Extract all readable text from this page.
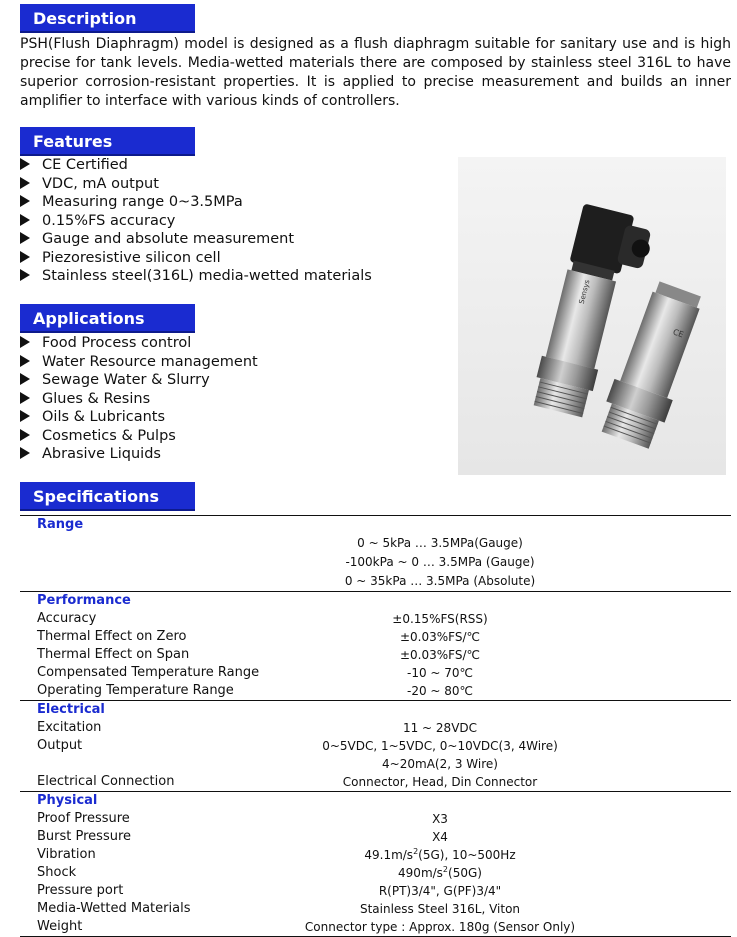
Description
PSH(Flush Diaphragm) model is designed as a flush diaphragm suitable for sanitary use and is high precise for tank levels. Media-wetted materials there are composed by stainless steel 316L to have superior corrosion-resistant properties. It is applied to precise measurement and builds an inner amplifier to interface with various kinds of controllers.
Features
CE Certified
VDC, mA output
Measuring range 0~3.5MPa
0.15%FS accuracy
Gauge and absolute measurement
Piezoresistive silicon cell
Stainless steel(316L) media-wetted materials
Applications
Food Process control
Water Resource management
Sewage Water & Slurry
Glues & Resins
Oils & Lubricants
Cosmetics & Pulps
Abrasive Liquids
Sensys
CE
Specifications
Range
0 ~ 5kPa … 3.5MPa(Gauge)
-100kPa ~ 0 … 3.5MPa (Gauge)
0 ~ 35kPa … 3.5MPa (Absolute)
Performance
Accuracy	±0.15%FS(RSS)
Thermal Effect on Zero	±0.03%FS/℃
Thermal Effect on Span	±0.03%FS/℃
Compensated Temperature Range	-10 ~ 70℃
Operating Temperature Range	-20 ~ 80℃
Electrical
Excitation	11 ~ 28VDC
Output	0~5VDC, 1~5VDC, 0~10VDC(3, 4Wire)
4~20mA(2, 3 Wire)
Electrical Connection	Connector, Head, Din Connector
Physical
Proof Pressure	X3
Burst Pressure	X4
Vibration	$49.1m/s^2(5G)$, 10~500Hz
Shock	$490m/s^2(50G)$
Pressure port	R(PT)3/4", G(PF)3/4"
Media-Wetted Materials	Stainless Steel 316L, Viton
Weight	Connector type : Approx. 180g (Sensor Only)
